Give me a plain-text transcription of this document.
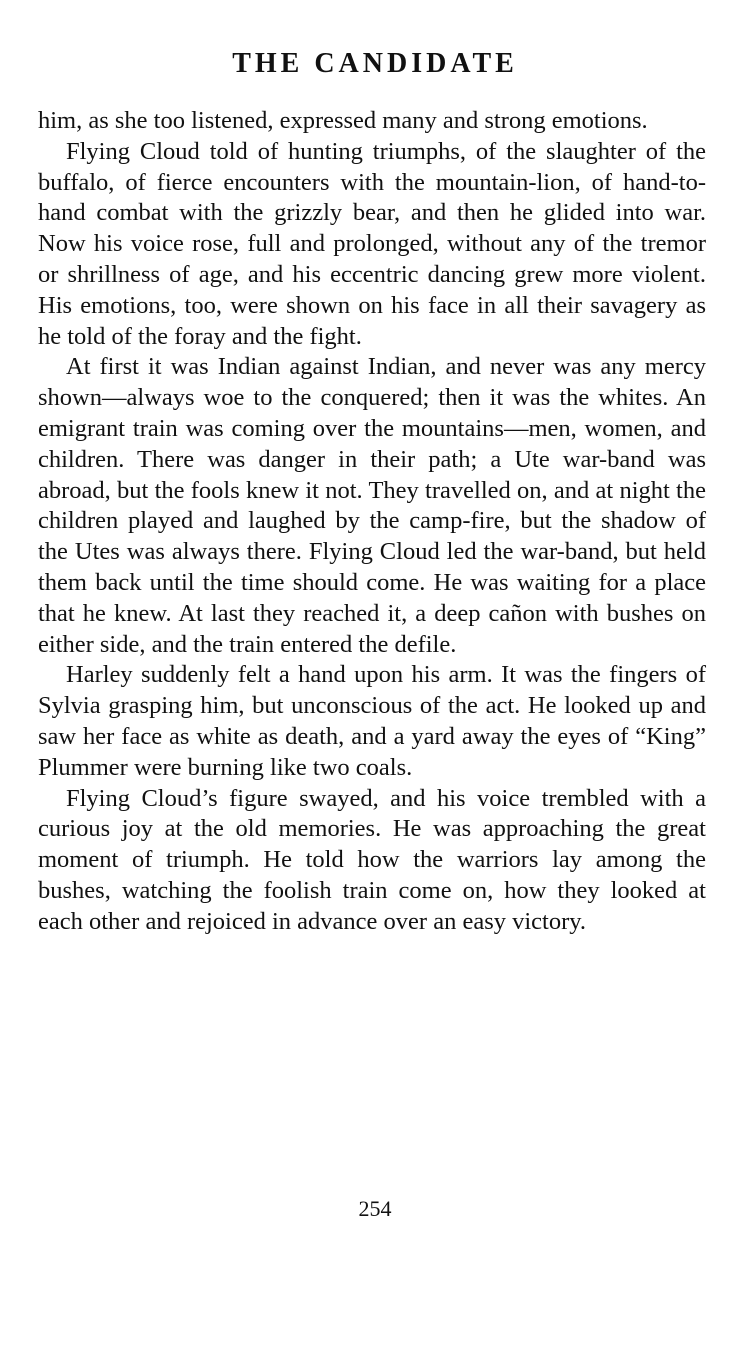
THE CANDIDATE

him, as she too listened, expressed many and strong emotions.

Flying Cloud told of hunting triumphs, of the slaughter of the buffalo, of fierce encounters with the mountain-lion, of hand-to-hand combat with the grizzly bear, and then he glided into war. Now his voice rose, full and prolonged, without any of the tremor or shrillness of age, and his eccentric dancing grew more violent. His emotions, too, were shown on his face in all their savagery as he told of the foray and the fight.

At first it was Indian against Indian, and never was any mercy shown—always woe to the conquered; then it was the whites. An emigrant train was coming over the mountains—men, women, and children. There was danger in their path; a Ute war-band was abroad, but the fools knew it not. They travelled on, and at night the children played and laughed by the camp-fire, but the shadow of the Utes was always there. Flying Cloud led the war-band, but held them back until the time should come. He was waiting for a place that he knew. At last they reached it, a deep cañon with bushes on either side, and the train entered the defile.

Harley suddenly felt a hand upon his arm. It was the fingers of Sylvia grasping him, but unconscious of the act. He looked up and saw her face as white as death, and a yard away the eyes of “King” Plummer were burning like two coals.

Flying Cloud’s figure swayed, and his voice trembled with a curious joy at the old memories. He was approaching the great moment of triumph. He told how the warriors lay among the bushes, watching the foolish train come on, how they looked at each other and rejoiced in advance over an easy victory.

254
